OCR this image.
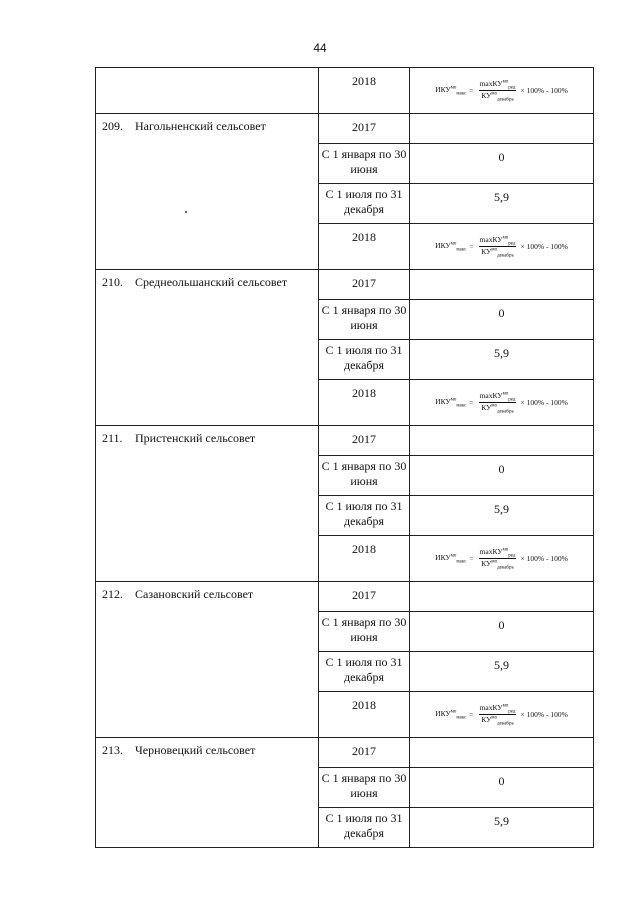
44
	2018	$ИКУ^{мо}_{макс} = \frac{\max КУ^{мо}_{ред}}{КУ^{мо}_{декабрь}} \times 100\% - 100\%$

209. Нагольненский сельсовет	2017	
	С 1 января по 30 июня	0
	С 1 июля по 31 декабря	5,9
	2018	$ИКУ^{мо}_{макс} = \frac{\max КУ^{мо}_{ред}}{КУ^{мо}_{декабрь}} \times 100\% - 100\%$

210. Среднеольшанский сельсовет	2017	
	С 1 января по 30 июня	0
	С 1 июля по 31 декабря	5,9
	2018	$ИКУ^{мо}_{макс} = \frac{\max КУ^{мо}_{ред}}{КУ^{мо}_{декабрь}} \times 100\% - 100\%$

211. Пристенский сельсовет	2017	
	С 1 января по 30 июня	0
	С 1 июля по 31 декабря	5,9
	2018	$ИКУ^{мо}_{макс} = \frac{\max КУ^{мо}_{ред}}{КУ^{мо}_{декабрь}} \times 100\% - 100\%$

212. Сазановский сельсовет	2017	
	С 1 января по 30 июня	0
	С 1 июля по 31 декабря	5,9
	2018	$ИКУ^{мо}_{макс} = \frac{\max КУ^{мо}_{ред}}{КУ^{мо}_{декабрь}} \times 100\% - 100\%$

213. Черновецкий сельсовет	2017	
	С 1 января по 30 июня	0
	С 1 июля по 31 декабря	5,9
